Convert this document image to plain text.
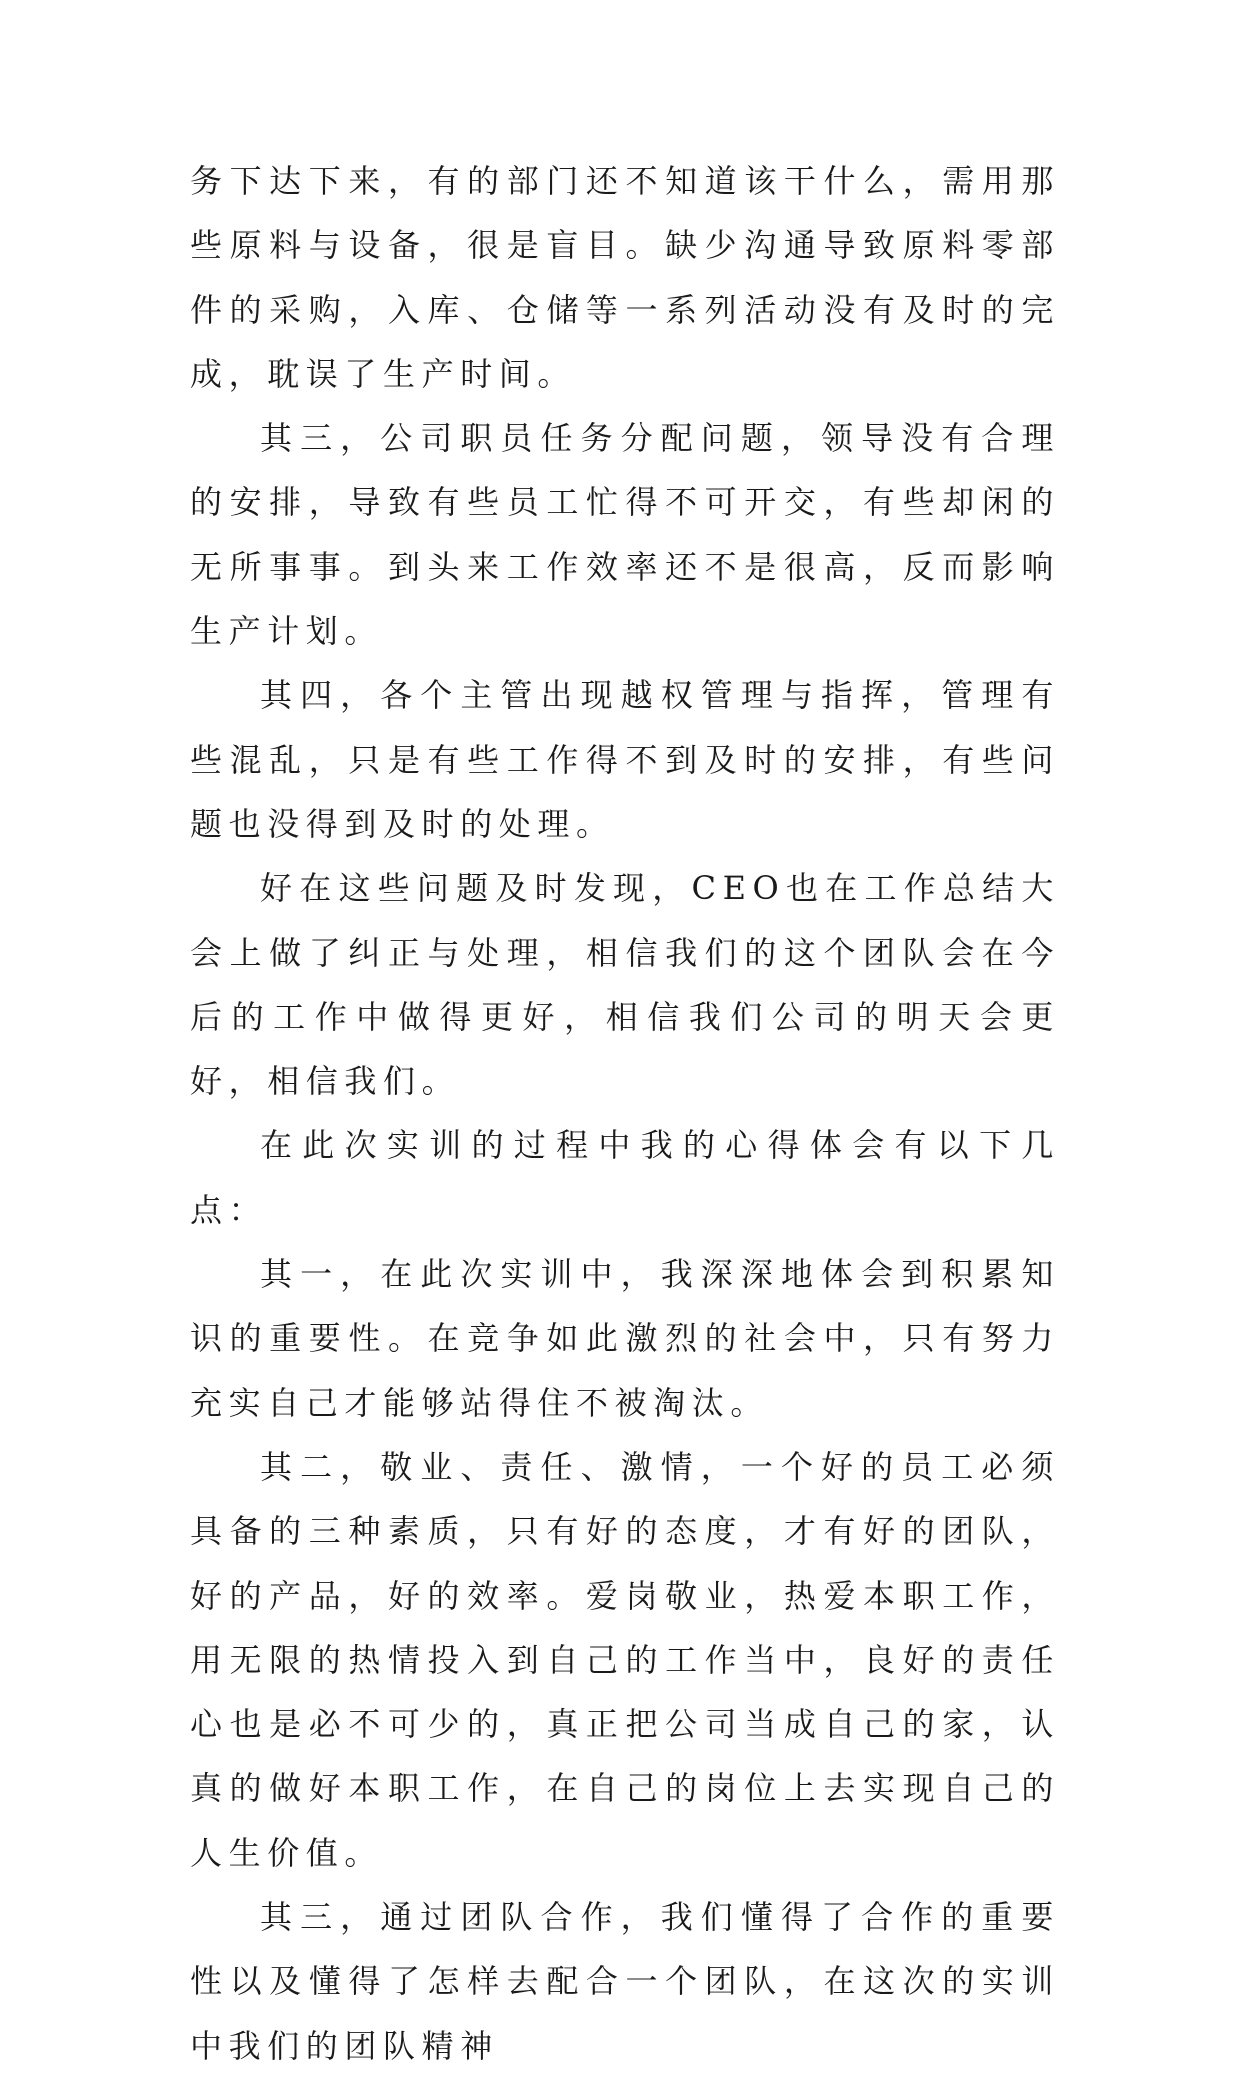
务下达下来，有的部门还不知道该干什么，需用那些原料与设备，很是盲目。缺少沟通导致原料零部件的采购，入库、仓储等一系列活动没有及时的完成，耽误了生产时间。

其三，公司职员任务分配问题，领导没有合理的安排，导致有些员工忙得不可开交，有些却闲的无所事事。到头来工作效率还不是很高，反而影响生产计划。

其四，各个主管出现越权管理与指挥，管理有些混乱，只是有些工作得不到及时的安排，有些问题也没得到及时的处理。

好在这些问题及时发现，CEO也在工作总结大会上做了纠正与处理，相信我们的这个团队会在今后的工作中做得更好，相信我们公司的明天会更好，相信我们。

在此次实训的过程中我的心得体会有以下几点：

其一，在此次实训中，我深深地体会到积累知识的重要性。在竞争如此激烈的社会中，只有努力充实自己才能够站得住不被淘汰。

其二，敬业、责任、激情，一个好的员工必须具备的三种素质，只有好的态度，才有好的团队，好的产品，好的效率。爱岗敬业，热爱本职工作，用无限的热情投入到自己的工作当中，良好的责任心也是必不可少的，真正把公司当成自己的家，认真的做好本职工作，在自己的岗位上去实现自己的人生价值。

其三，通过团队合作，我们懂得了合作的重要性以及懂得了怎样去配合一个团队，在这次的实训中我们的团队精神
